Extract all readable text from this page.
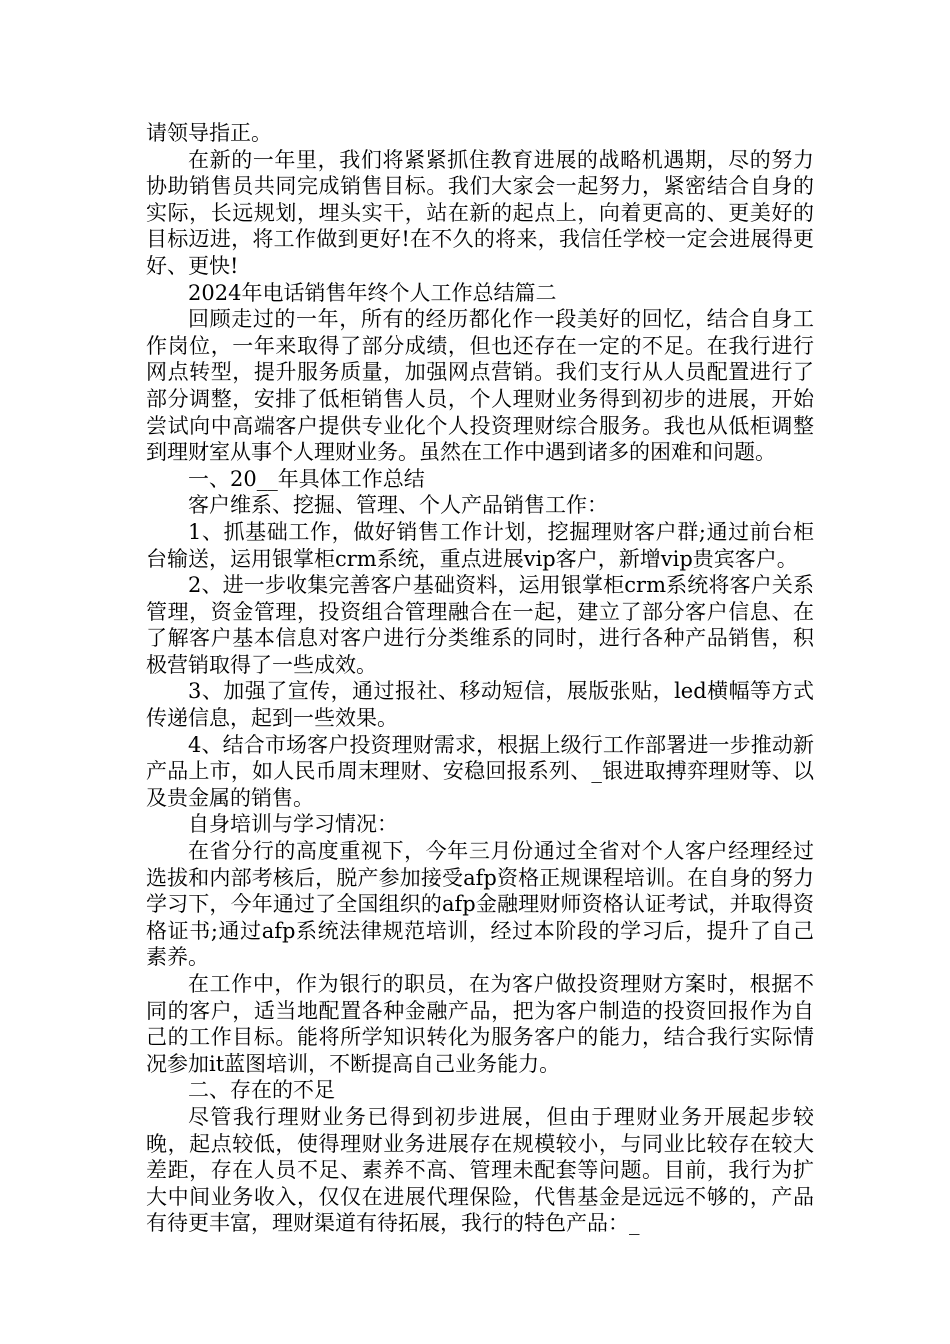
请领导指正。

在新的一年里，我们将紧紧抓住教育进展的战略机遇期，尽的努力协助销售员共同完成销售目标。我们大家会一起努力，紧密结合自身的实际，长远规划，埋头实干，站在新的起点上，向着更高的、更美好的目标迈进，将工作做到更好!在不久的将来，我信任学校一定会进展得更好、更快!

2024年电话销售年终个人工作总结篇二

回顾走过的一年，所有的经历都化作一段美好的回忆，结合自身工作岗位，一年来取得了部分成绩，但也还存在一定的不足。在我行进行网点转型，提升服务质量，加强网点营销。我们支行从人员配置进行了部分调整，安排了低柜销售人员，个人理财业务得到初步的进展，开始尝试向中高端客户提供专业化个人投资理财综合服务。我也从低柜调整到理财室从事个人理财业务。虽然在工作中遇到诸多的困难和问题。

一、20__年具体工作总结

客户维系、挖掘、管理、个人产品销售工作：

1、抓基础工作，做好销售工作计划，挖掘理财客户群;通过前台柜台输送，运用银掌柜crm系统，重点进展vip客户，新增vip贵宾客户。

2、进一步收集完善客户基础资料，运用银掌柜crm系统将客户关系管理，资金管理，投资组合管理融合在一起，建立了部分客户信息、在了解客户基本信息对客户进行分类维系的同时，进行各种产品销售，积极营销取得了一些成效。

3、加强了宣传，通过报社、移动短信，展版张贴，led横幅等方式传递信息，起到一些效果。

4、结合市场客户投资理财需求，根据上级行工作部署进一步推动新产品上市，如人民币周末理财、安稳回报系列、_银进取搏弈理财等、以及贵金属的销售。

自身培训与学习情况：

在省分行的高度重视下，今年三月份通过全省对个人客户经理经过选拔和内部考核后，脱产参加接受afp资格正规课程培训。在自身的努力学习下，今年通过了全国组织的afp金融理财师资格认证考试，并取得资格证书;通过afp系统法律规范培训，经过本阶段的学习后，提升了自己素养。

在工作中，作为银行的职员，在为客户做投资理财方案时，根据不同的客户，适当地配置各种金融产品，把为客户制造的投资回报作为自己的工作目标。能将所学知识转化为服务客户的能力，结合我行实际情况参加it蓝图培训，不断提高自己业务能力。

二、存在的不足

尽管我行理财业务已得到初步进展，但由于理财业务开展起步较晚，起点较低，使得理财业务进展存在规模较小，与同业比较存在较大差距，存在人员不足、素养不高、管理未配套等问题。目前，我行为扩大中间业务收入，仅仅在进展代理保险，代售基金是远远不够的，产品有待更丰富，理财渠道有待拓展，我行的特色产品：_
